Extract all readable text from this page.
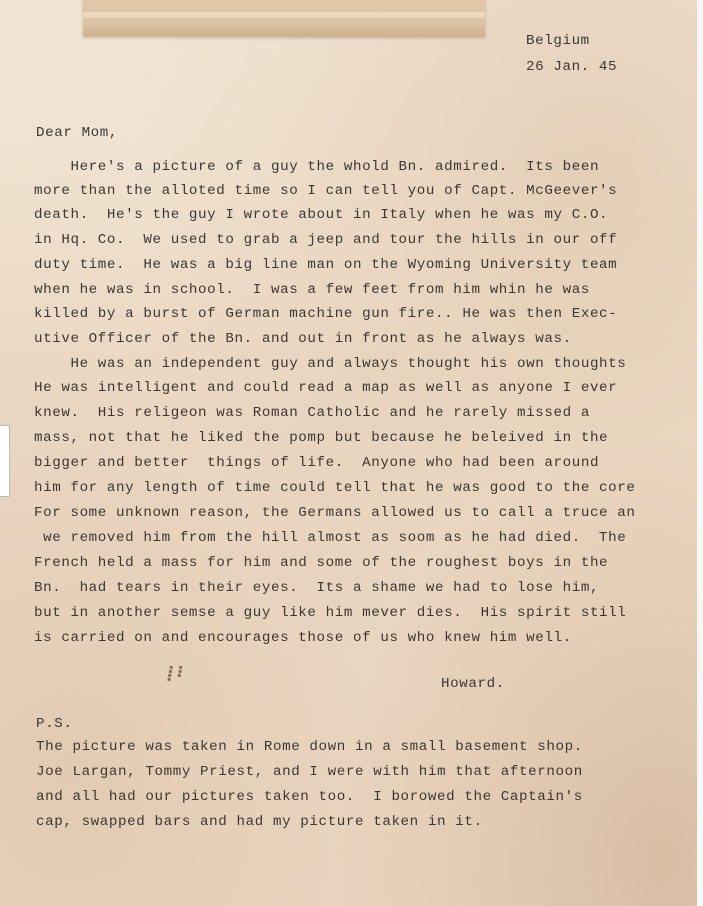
▪▪▪▪ ▪▪▪

Belgium

26 Jan. 45

Dear Mom,

Here's a picture of a guy the whold Bn. admired.  Its been

more than the alloted time so I can tell you of Capt. McGeever's

death.  He's the guy I wrote about in Italy when he was my C.O.

in Hq. Co.  We used to grab a jeep and tour the hills in our off

duty time.  He was a big line man on the Wyoming University team

when he was in school.  I was a few feet from him whin he was

killed by a burst of German machine gun fire.. He was then Exec-

utive Officer of the Bn. and out in front as he always was.

He was an independent guy and always thought his own thoughts

He was intelligent and could read a map as well as anyone I ever

knew.  His religeon was Roman Catholic and he rarely missed a

mass, not that he liked the pomp but because he beleived in the

bigger and better  things of life.  Anyone who had been around

him for any length of time could tell that he was good to the core

For some unknown reason, the Germans allowed us to call a truce an

we removed him from the hill almost as soom as he had died.  The

French held a mass for him and some of the roughest boys in the

Bn.  had tears in their eyes.  Its a shame we had to lose him,

but in another semse a guy like him mever dies.  His spirit still

is carried on and encourages those of us who knew him well.

Howard.

P.S.

The picture was taken in Rome down in a small basement shop.

Joe Largan, Tommy Priest, and I were with him that afternoon

and all had our pictures taken too.  I borowed the Captain's

cap, swapped bars and had my picture taken in it.
